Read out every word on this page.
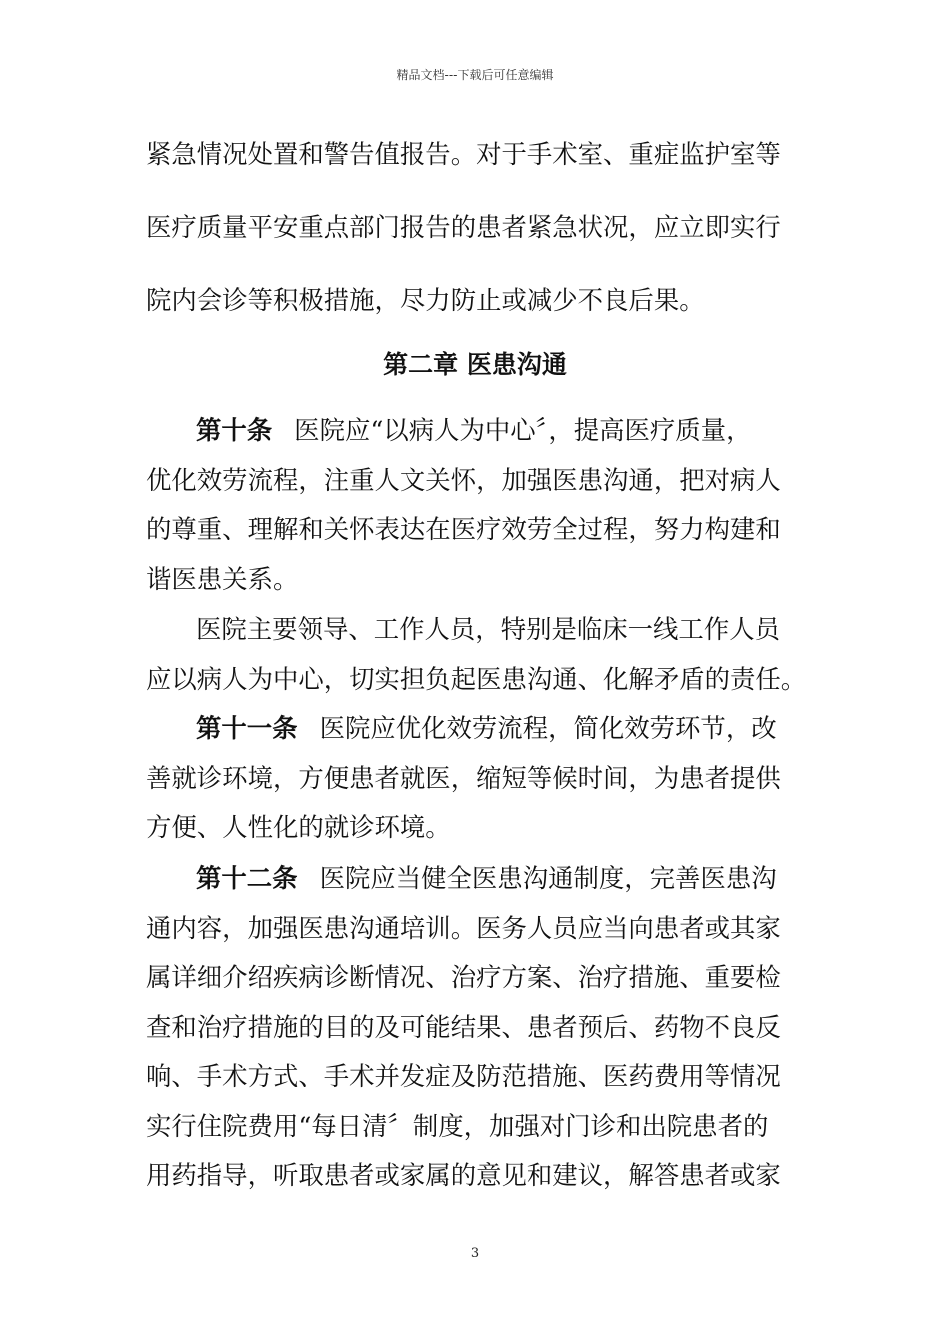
精品文档---下载后可任意编辑

紧急情况处置和警告值报告。对于手术室、重症监护室等
医疗质量平安重点部门报告的患者紧急状况，应立即实行
院内会诊等积极措施，尽力防止或减少不良后果。

第二章 医患沟通

第十条 医院应“以病人为中心〞，提高医疗质量，
优化效劳流程，注重人文关怀，加强医患沟通，把对病人
的尊重、理解和关怀表达在医疗效劳全过程，努力构建和
谐医患关系。

医院主要领导、工作人员，特别是临床一线工作人员
应以病人为中心，切实担负起医患沟通、化解矛盾的责任。

第十一条 医院应优化效劳流程，简化效劳环节，改
善就诊环境，方便患者就医，缩短等候时间，为患者提供
方便、人性化的就诊环境。

第十二条 医院应当健全医患沟通制度，完善医患沟
通内容，加强医患沟通培训。医务人员应当向患者或其家
属详细介绍疾病诊断情况、治疗方案、治疗措施、重要检
查和治疗措施的目的及可能结果、患者预后、药物不良反
响、手术方式、手术并发症及防范措施、医药费用等情况
实行住院费用“每日清〞制度，加强对门诊和出院患者的
用药指导，听取患者或家属的意见和建议，解答患者或家

3
